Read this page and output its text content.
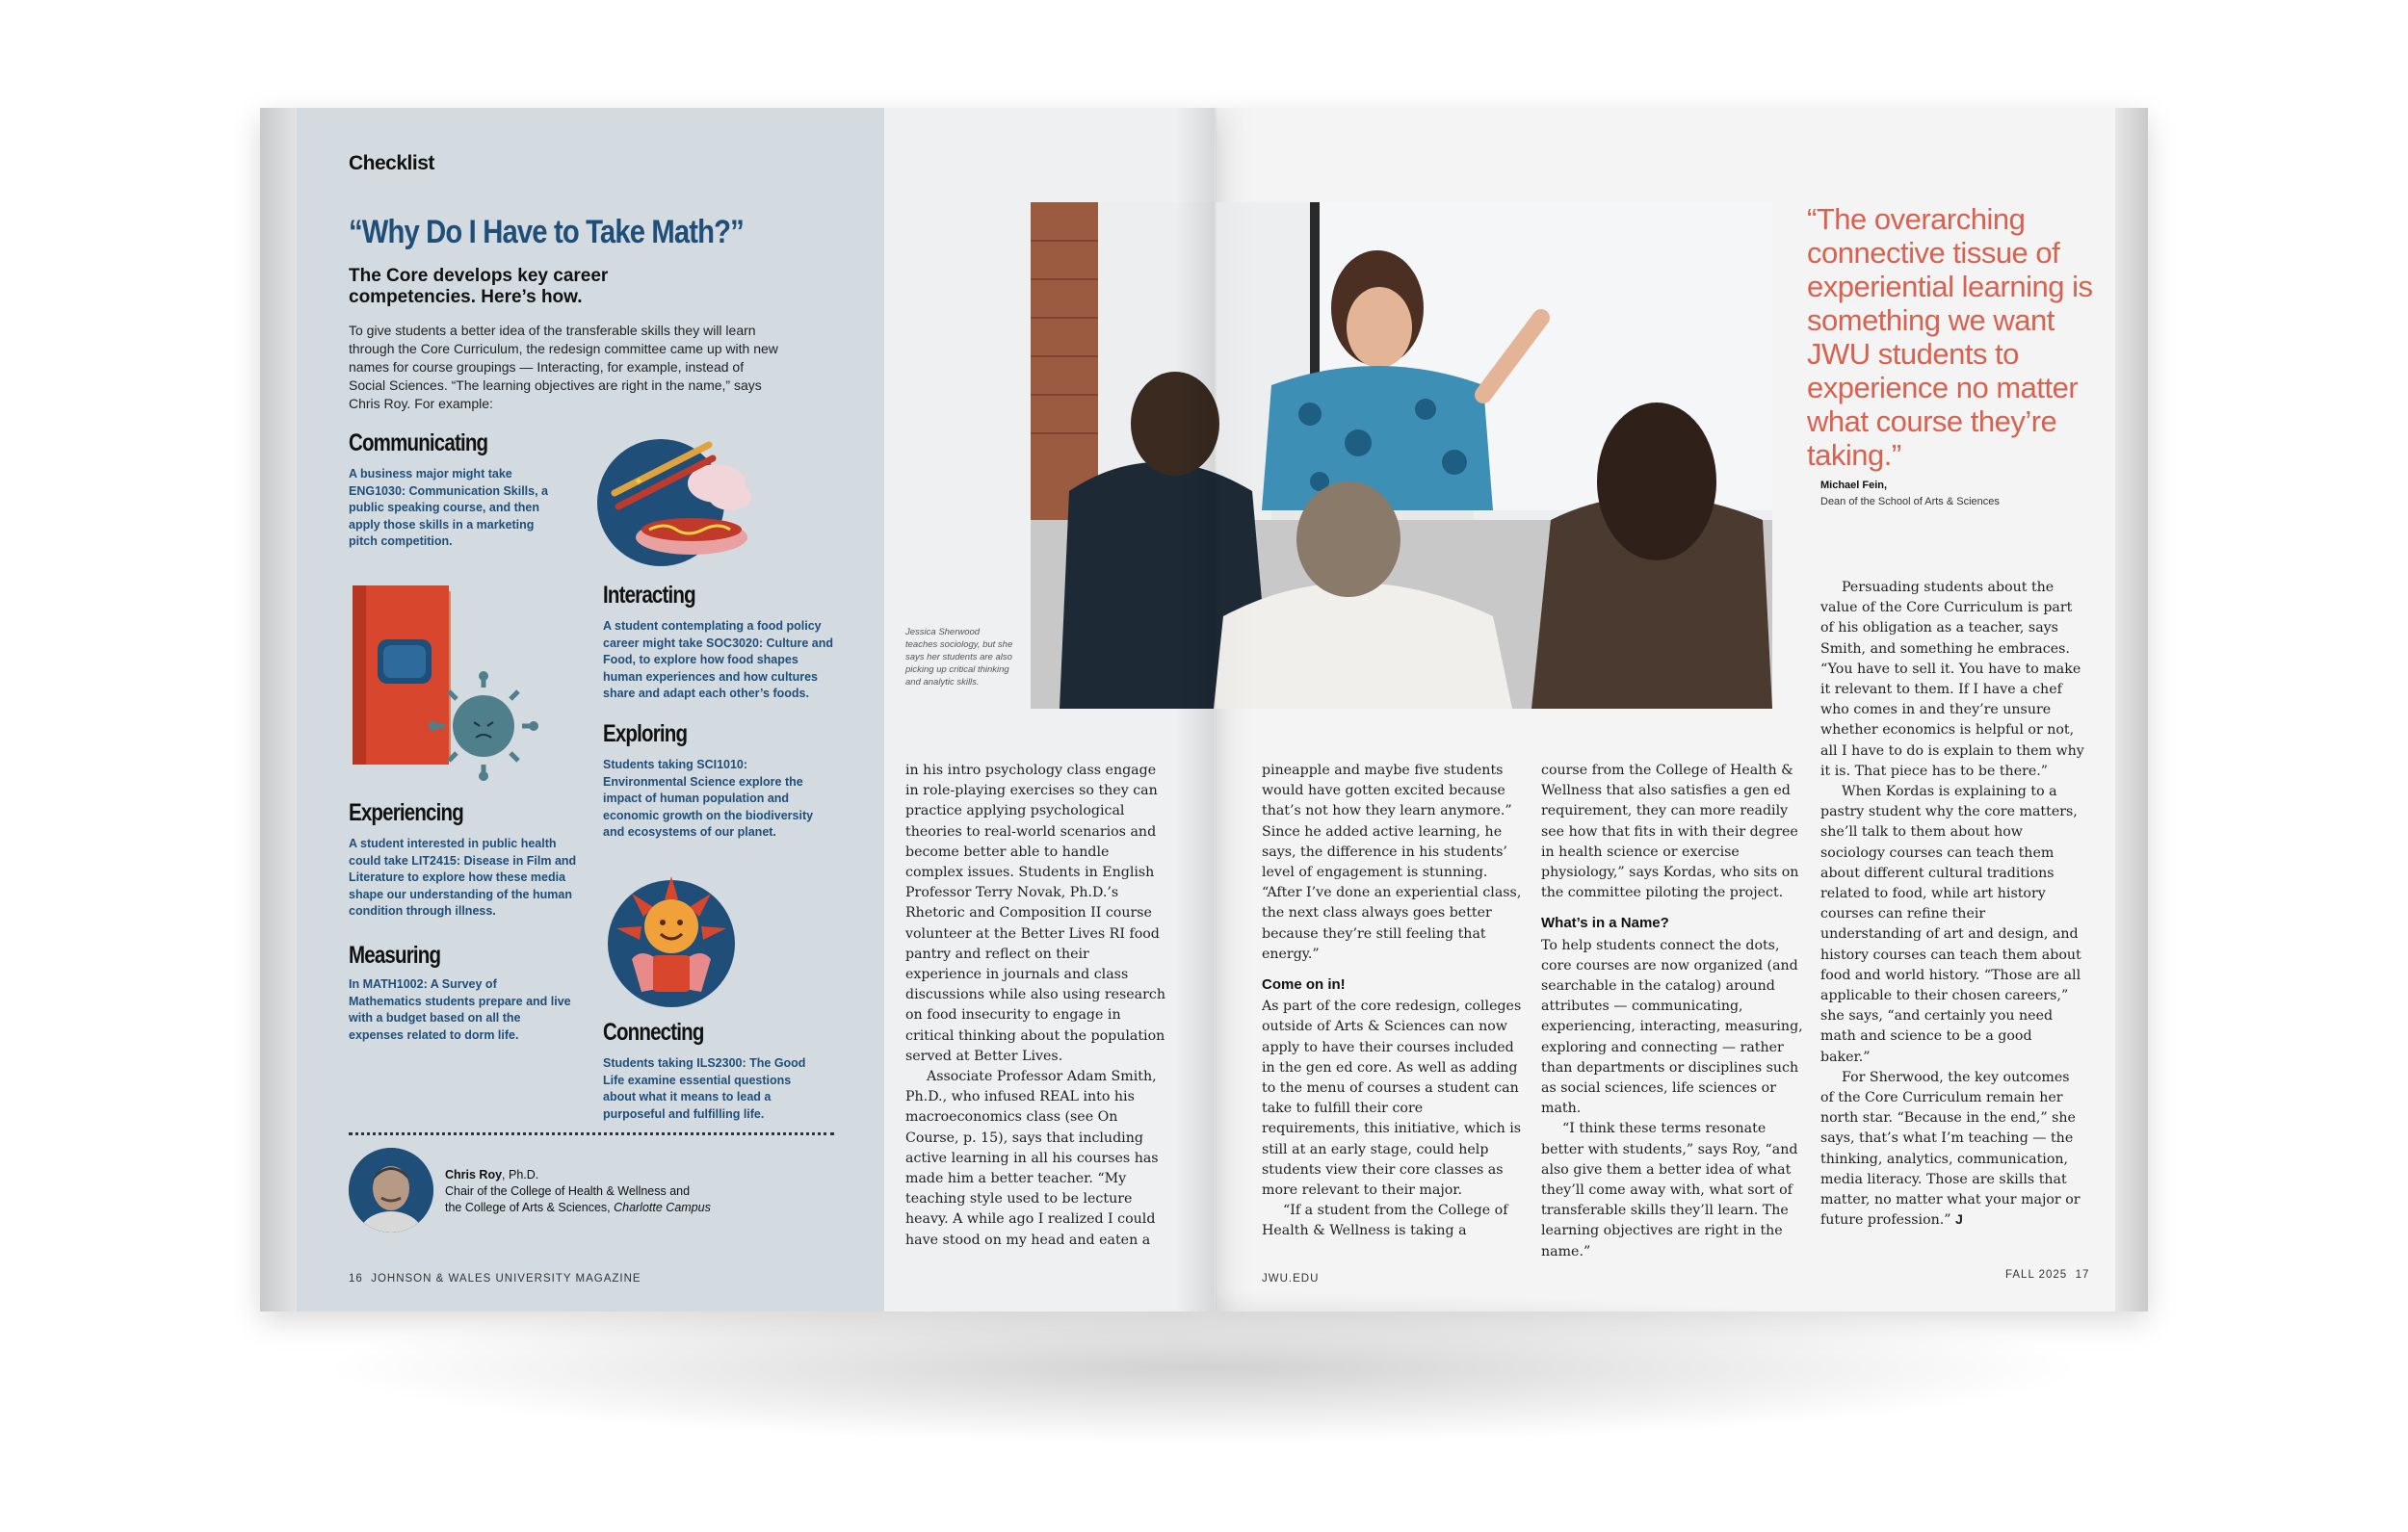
Checklist
“Why Do I Have to Take Math?”
The Core develops key career competencies. Here’s how.
To give students a better idea of the transferable skills they will learn through the Core Curriculum, the redesign committee came up with new names for course groupings — Interacting, for example, instead of Social Sciences. “The learning objectives are right in the name,” says Chris Roy. For example:
Communicating
A business major might take ENG1030: Communication Skills, a public speaking course, and then apply those skills in a marketing pitch competition.
✦
Interacting
A student contemplating a food policy career might take SOC3020: Culture and Food, to explore how food shapes human experiences and how cultures share and adapt each other’s foods.
Exploring
Students taking SCI1010: Environmental Science explore the impact of human population and economic growth on the biodiversity and ecosystems of our planet.
Experiencing
A student interested in public health could take LIT2415: Disease in Film and Literature to explore how these media shape our understanding of the human condition through illness.
Measuring
In MATH1002: A Survey of Mathematics students prepare and live with a budget based on all the expenses related to dorm life.	Connecting
Students taking ILS2300: The Good Life examine essential questions about what it means to lead a purposeful and fulfilling life.
Chris Roy, Ph.D.
Chair of the College of Health & Wellness and
the College of Arts & Sciences, Charlotte Campus
16 JOHNSON & WALES UNIVERSITY MAGAZINE
Jessica Sherwood teaches sociology, but she says her students are also picking up critical thinking and analytic skills.

in his intro psychology class engage in role-playing exercises so they can practice applying psychological theories to real-world scenarios and become better able to handle complex issues. Students in English Professor Terry Novak, Ph.D.’s Rhetoric and Composition II course volunteer at the Better Lives RI food pantry and reflect on their experience in journals and class discussions while also using research on food insecurity to engage in critical thinking about the population served at Better Lives.

Associate Professor Adam Smith, Ph.D., who infused REAL into his macroeconomics class (see On Course, p. 15), says that including active learning in all his courses has made him a better teacher. “My teaching style used to be lecture heavy. A while ago I realized I could have stood on my head and eaten a

“The overarching connective tissue of experiential learning is something we want JWU students to experience no matter what course they’re taking.”
Michael Fein,
Dean of the School of Arts & Sciences

pineapple and maybe five students would have gotten excited because that’s not how they learn anymore.” Since he added active learning, he says, the difference in his students’ level of engagement is stunning. “After I’ve done an experiential class, the next class always goes better because they’re still feeling that energy.”

Come on in!

As part of the core redesign, colleges outside of Arts & Sciences can now apply to have their courses included in the gen ed core. As well as adding to the menu of courses a student can take to fulfill their core requirements, this initiative, which is still at an early stage, could help students view their core classes as more relevant to their major.

“If a student from the College of Health & Wellness is taking a

course from the College of Health & Wellness that also satisfies a gen ed requirement, they can more readily see how that fits in with their degree in health science or exercise physiology,” says Kordas, who sits on the committee piloting the project.

What’s in a Name?

To help students connect the dots, core courses are now organized (and searchable in the catalog) around attributes — communicating, experiencing, interacting, measuring, exploring and connecting — rather than departments or disciplines such as social sciences, life sciences or math.

“I think these terms resonate better with students,” says Roy, “and also give them a better idea of what they’ll come away with, what sort of transferable skills they’ll learn. The learning objectives are right in the name.”

Persuading students about the value of the Core Curriculum is part of his obligation as a teacher, says Smith, and something he embraces. “You have to sell it. You have to make it relevant to them. If I have a chef who comes in and they’re unsure whether economics is helpful or not, all I have to do is explain to them why it is. That piece has to be there.”

When Kordas is explaining to a pastry student why the core matters, she’ll talk to them about how sociology courses can teach them about different cultural traditions related to food, while art history courses can refine their understanding of art and design, and history courses can teach them about food and world history. “Those are all applicable to their chosen careers,” she says, “and certainly you need math and science to be a good baker.”

For Sherwood, the key outcomes of the Core Curriculum remain her north star. “Because in the end,” she says, that’s what I’m teaching — the thinking, analytics, communication, media literacy. Those are skills that matter, no matter what your major or future profession.” J

JWU.EDU	FALL 2025 17
